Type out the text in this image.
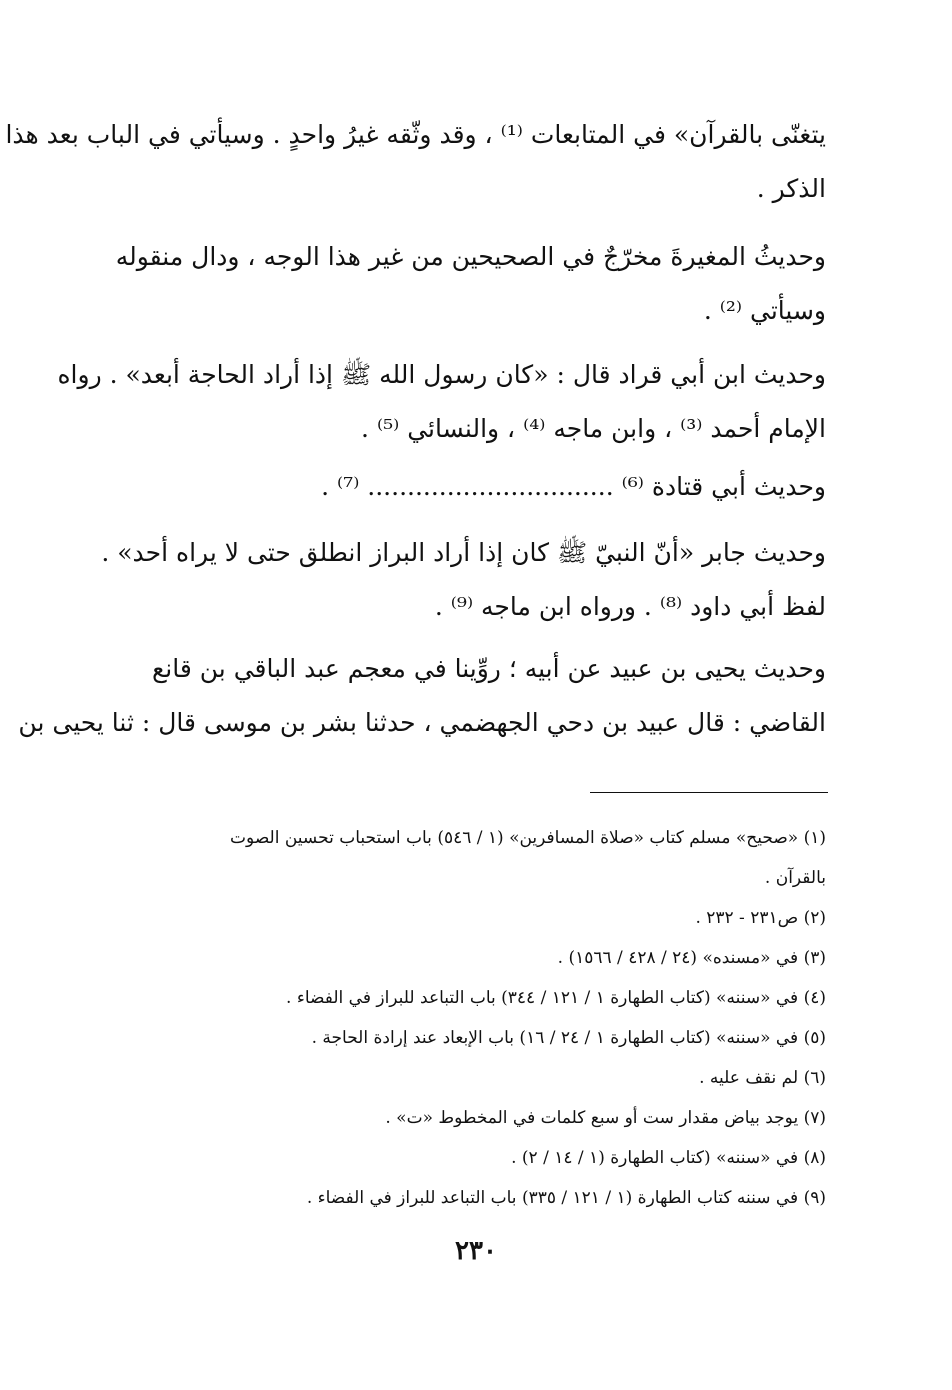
يتغنّى بالقرآن» في المتابعات ⁽¹⁾ ، وقد وثّقه غيرُ واحدٍ . وسيأتي في الباب بعد هذا
الذكر .

وحديثُ المغيرةَ مخرّجٌ في الصحيحين من غير هذا الوجه ، ودال منقوله
وسيأتي ⁽²⁾ .

وحديث ابن أبي قراد قال : «كان رسول الله ﷺ إذا أراد الحاجة أبعد» . رواه
الإمام أحمد ⁽³⁾ ، وابن ماجه ⁽⁴⁾ ، والنسائي ⁽⁵⁾ .

وحديث أبي قتادة ⁽⁶⁾ ............................... ⁽⁷⁾ .

وحديث جابر «أنّ النبيّ ﷺ كان إذا أراد البراز انطلق حتى لا يراه أحد» .
لفظ أبي داود ⁽⁸⁾ . ورواه ابن ماجه ⁽⁹⁾ .

وحديث يحيى بن عبيد عن أبيه ؛ روِّينا في معجم عبد الباقي بن قانع
القاضي : قال عبيد بن دحي الجهضمي ، حدثنا بشر بن موسى قال : ثنا يحيى بن

(١) «صحيح» مسلم كتاب «صلاة المسافرين» (١ / ٥٤٦) باب استحباب تحسين الصوت
بالقرآن .
(٢) ص٢٣١ - ٢٣٢ .
(٣) في «مسنده» (٢٤ / ٤٢٨ / ١٥٦٦) .
(٤) في «سننه» (كتاب الطهارة ١ / ١٢١ / ٣٤٤) باب التباعد للبراز في الفضاء .
(٥) في «سننه» (كتاب الطهارة ١ / ٢٤ / ١٦) باب الإبعاد عند إرادة الحاجة .
(٦) لم نقف عليه .
(٧) يوجد بياض مقدار ست أو سبع كلمات في المخطوط «ت» .
(٨) في «سننه» (كتاب الطهارة (١ / ١٤ / ٢) .
(٩) في سننه كتاب الطهارة (١ / ١٢١ / ٣٣٥) باب التباعد للبراز في الفضاء .
٢٣٠
